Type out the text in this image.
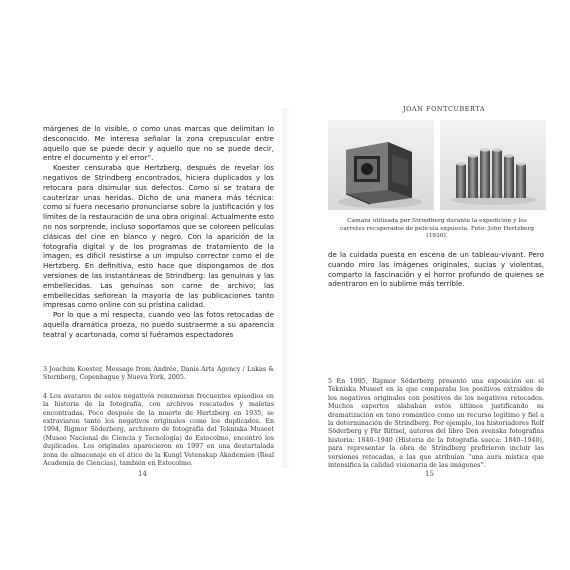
márgenes de lo visible, o como unas marcas que delimitan lo desconocido. Me interesa señalar la zona crepuscular entre aquello que se puede decir y aquello que no se puede decir, entre el documento y el error”.

Koester censuraba que Hertzberg, después de revelar los negativos de Strindberg encontrados, hiciera duplicados y los retocara para disimular sus defectos. Como si se tratara de cauterizar unas heridas. Dicho de una manera más técnica: como si fuera necesario pronunciarse sobre la justificación y los límites de la restauración de una obra original. Actualmente esto no nos sorprende, incluso soportamos que se coloreen películas clásicas del cine en blanco y negro. Con la aparición de la fotografía digital y de los programas de tratamiento de la imagen, es difícil resistirse a un impulso corrector como el de Hertzberg. En definitiva, esto hace que dispongamos de dos versiones de las instantáneas de Strindberg: las genuinas y las embellecidas. Las genuinas son carne de archivo; las embellecidas señorean la mayoría de las publicaciones tanto impresas como online con su prístina calidad.

Por lo que a mí respecta, cuando veo las fotos retocadas de aquella dramática proeza, no puedo sustraerme a su aparencia teatral y acartonada, como si fuéramos espectadores

3 Joachim Koester, Message from Andrée, Danis Arts Agency / Lukas & Sternberg, Copenhague y Nueva York, 2005.

4 Los avatares de estos negativos rememoran frecuentes episodios en la historia de la fotografía, con archivos rescatados y maletas encontradas. Poco después de la muerte de Hertzberg en 1935, se extraviaron tanto los negativos originales como los duplicados. En 1994, Rigmor Söderberg, archivero de fotografía del Tekniska Museet (Museo Nacional de Ciencia y Tecnología) de Estocolmo, encontró los duplicados. Los originales aparecieron en 1997 en una destartalada zona de almacenaje en el ático de la Kungl Vetenskap Akademien (Real Academia de Ciencias), también en Estocolmo.

14
JOAN FONTCUBERTA

Cámara utilizada por Strindberg durante la expedición y los carretes recuperados de película expuesta. Foto: John Hertzberg (1930).

de la cuidada puesta en escena de un tableau-vivant. Pero cuando miro las imágenes originales, sucias y violentas, comparto la fascinación y el horror profundo de quienes se adentraron en lo sublime más terrible.

5 En 1995, Rigmor Söderberg presentó una exposición en el Tekniska Museet en la que comparaba los positivos extraídos de los negativos originales con positivos de los negativos retocados. Muchos expertos alababan estos últimos justificando su dramatización en tono romántico como un recurso legítimo y fiel a la determinación de Strindberg. Por ejemplo, los historiadores Rolf Söderberg y Pär Rittsel, autores del libro Den svenska fotografins historia: 1840–1940 (Historia de la fotografía sueca: 1840–1940), para representar la obra de Strindberg prefirieron incluir las versiones retocadas, a las que atribuían “una aura mística que intensifica la calidad visionaria de las imágenes”.

15
